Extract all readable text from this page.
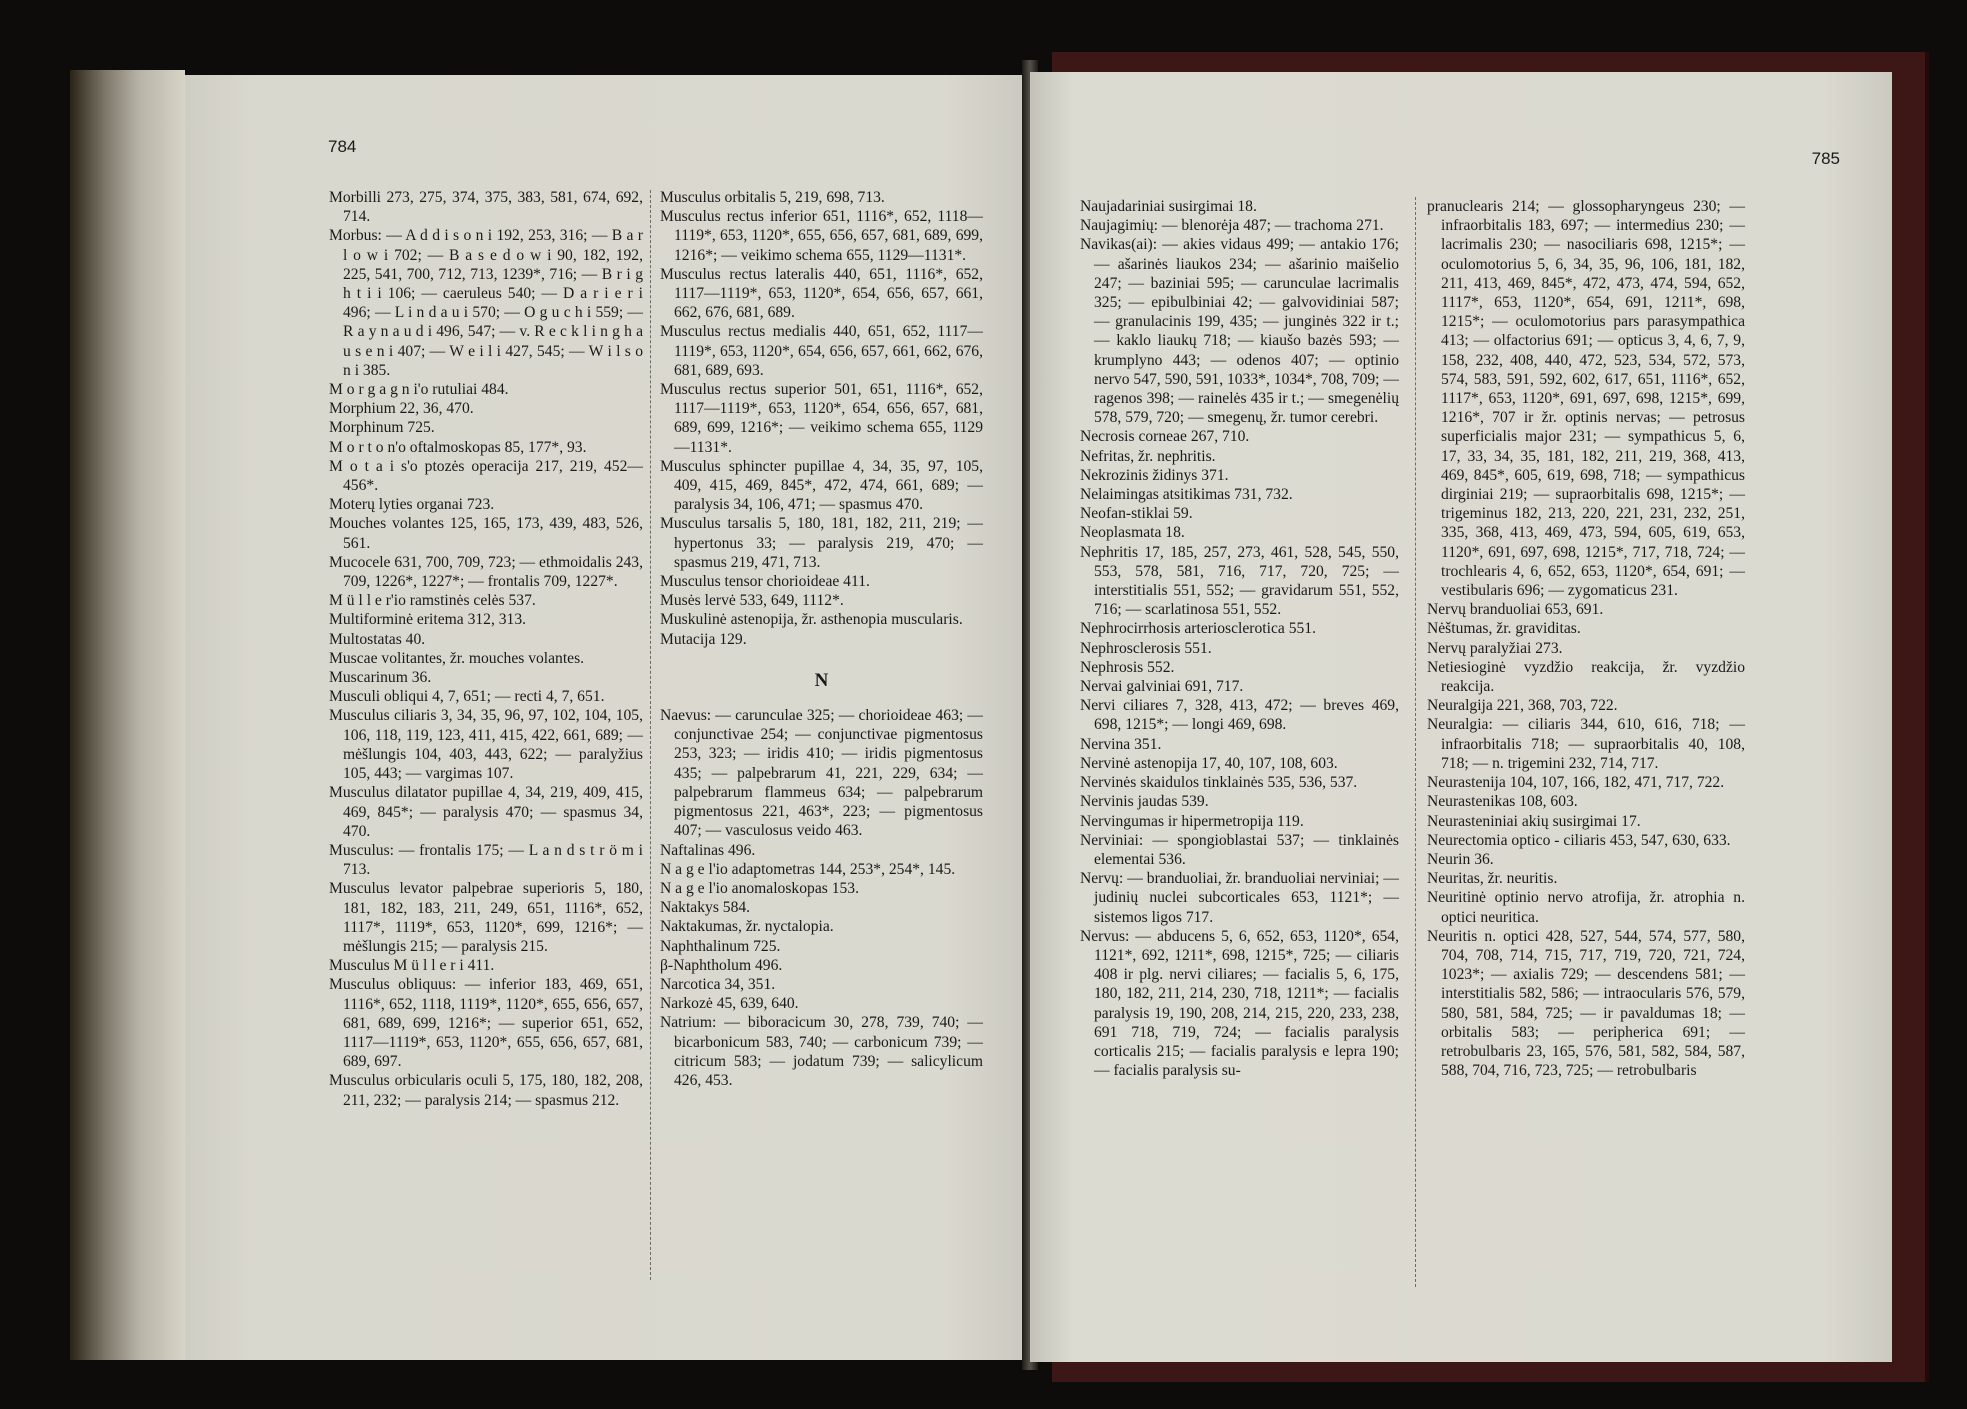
784

Morbilli 273, 275, 374, 375, 383, 581, 674, 692, 714.

Morbus: — A d d i s o n i 192, 253, 316; — B a r l o w i 702; — B a s e d o w i 90, 182, 192, 225, 541, 700, 712, 713, 1239*, 716; — B r i g h t i i 106; — caeruleus 540; — D a r i e r i 496; — L i n d a u i 570; — O g u c h i 559; — R a y n a u d i 496, 547; — v. R e c k l i n g h a u s e n i 407; — W e i l i 427, 545; — W i l s o n i 385.

M o r g a g n i'o rutuliai 484.

Morphium 22, 36, 470.

Morphinum 725.

M o r t o n'o oftalmoskopas 85, 177*, 93.

M o t a i s'o ptozės operacija 217, 219, 452—456*.

Moterų lyties organai 723.

Mouches volantes 125, 165, 173, 439, 483, 526, 561.

Mucocele 631, 700, 709, 723; — ethmoidalis 243, 709, 1226*, 1227*; — frontalis 709, 1227*.

M ü l l e r'io ramstinės celės 537.

Multiforminė eritema 312, 313.

Multostatas 40.

Muscae volitantes, žr. mouches volantes.

Muscarinum 36.

Musculi obliqui 4, 7, 651; — recti 4, 7, 651.

Musculus ciliaris 3, 34, 35, 96, 97, 102, 104, 105, 106, 118, 119, 123, 411, 415, 422, 661, 689; — mėšlungis 104, 403, 443, 622; — paralyžius 105, 443; — vargimas 107.

Musculus dilatator pupillae 4, 34, 219, 409, 415, 469, 845*; — paralysis 470; — spasmus 34, 470.

Musculus: — frontalis 175; — L a n d s t r ö m i 713.

Musculus levator palpebrae superioris 5, 180, 181, 182, 183, 211, 249, 651, 1116*, 652, 1117*, 1119*, 653, 1120*, 699, 1216*; — mėšlungis 215; — paralysis 215.

Musculus M ü l l e r i 411.

Musculus obliquus: — inferior 183, 469, 651, 1116*, 652, 1118, 1119*, 1120*, 655, 656, 657, 681, 689, 699, 1216*; — superior 651, 652, 1117—1119*, 653, 1120*, 655, 656, 657, 681, 689, 697.

Musculus orbicularis oculi 5, 175, 180, 182, 208, 211, 232; — paralysis 214; — spasmus 212.

Musculus orbitalis 5, 219, 698, 713.

Musculus rectus inferior 651, 1116*, 652, 1118—1119*, 653, 1120*, 655, 656, 657, 681, 689, 699, 1216*; — veikimo schema 655, 1129—1131*.

Musculus rectus lateralis 440, 651, 1116*, 652, 1117—1119*, 653, 1120*, 654, 656, 657, 661, 662, 676, 681, 689.

Musculus rectus medialis 440, 651, 652, 1117—1119*, 653, 1120*, 654, 656, 657, 661, 662, 676, 681, 689, 693.

Musculus rectus superior 501, 651, 1116*, 652, 1117—1119*, 653, 1120*, 654, 656, 657, 681, 689, 699, 1216*; — veikimo schema 655, 1129—1131*.

Musculus sphincter pupillae 4, 34, 35, 97, 105, 409, 415, 469, 845*, 472, 474, 661, 689; — paralysis 34, 106, 471; — spasmus 470.

Musculus tarsalis 5, 180, 181, 182, 211, 219; — hypertonus 33; — paralysis 219, 470; — spasmus 219, 471, 713.

Musculus tensor chorioideae 411.

Musės lervė 533, 649, 1112*.

Muskulinė astenopija, žr. asthenopia muscularis.

Mutacija 129.

N

Naevus: — carunculae 325; — chorioideae 463; — conjunctivae 254; — conjunctivae pigmentosus 253, 323; — iridis 410; — iridis pigmentosus 435; — palpebrarum 41, 221, 229, 634; — palpebrarum flammeus 634; — palpebrarum pigmentosus 221, 463*, 223; — pigmentosus 407; — vasculosus veido 463.

Naftalinas 496.

N a g e l'io adaptometras 144, 253*, 254*, 145.

N a g e l'io anomaloskopas 153.

Naktakys 584.

Naktakumas, žr. nyctalopia.

Naphthalinum 725.

β-Naphtholum 496.

Narcotica 34, 351.

Narkozė 45, 639, 640.

Natrium: — biboracicum 30, 278, 739, 740; — bicarbonicum 583, 740; — carbonicum 739; — citricum 583; — jodatum 739; — salicylicum 426, 453.

785

Naujadariniai susirgimai 18.

Naujagimių: — blenorėja 487; — trachoma 271.

Navikas(ai): — akies vidaus 499; — antakio 176; — ašarinės liaukos 234; — ašarinio maišelio 247; — baziniai 595; — carunculae lacrimalis 325; — epibulbiniai 42; — galvovidiniai 587; — granulacinis 199, 435; — junginės 322 ir t.; — kaklo liaukų 718; — kiaušo bazės 593; — krumplyno 443; — odenos 407; — optinio nervo 547, 590, 591, 1033*, 1034*, 708, 709; — ragenos 398; — rainelės 435 ir t.; — smegenėlių 578, 579, 720; — smegenų, žr. tumor cerebri.

Necrosis corneae 267, 710.

Nefritas, žr. nephritis.

Nekrozinis židinys 371.

Nelaimingas atsitikimas 731, 732.

Neofan-stiklai 59.

Neoplasmata 18.

Nephritis 17, 185, 257, 273, 461, 528, 545, 550, 553, 578, 581, 716, 717, 720, 725; — interstitialis 551, 552; — gravidarum 551, 552, 716; — scarlatinosa 551, 552.

Nephrocirrhosis arteriosclerotica 551.

Nephrosclerosis 551.

Nephrosis 552.

Nervai galviniai 691, 717.

Nervi ciliares 7, 328, 413, 472; — breves 469, 698, 1215*; — longi 469, 698.

Nervina 351.

Nervinė astenopija 17, 40, 107, 108, 603.

Nervinės skaidulos tinklainės 535, 536, 537.

Nervinis jaudas 539.

Nervingumas ir hipermetropija 119.

Nerviniai: — spongioblastai 537; — tinklainės elementai 536.

Nervų: — branduoliai, žr. branduoliai nerviniai; — judinių nuclei subcorticales 653, 1121*; — sistemos ligos 717.

Nervus: — abducens 5, 6, 652, 653, 1120*, 654, 1121*, 692, 1211*, 698, 1215*, 725; — ciliaris 408 ir plg. nervi ciliares; — facialis 5, 6, 175, 180, 182, 211, 214, 230, 718, 1211*; — facialis paralysis 19, 190, 208, 214, 215, 220, 233, 238, 691 718, 719, 724; — facialis paralysis corticalis 215; — facialis paralysis e lepra 190; — facialis paralysis su-

pranuclearis 214; — glossopharyngeus 230; — infraorbitalis 183, 697; — intermedius 230; — lacrimalis 230; — nasociliaris 698, 1215*; — oculomotorius 5, 6, 34, 35, 96, 106, 181, 182, 211, 413, 469, 845*, 472, 473, 474, 594, 652, 1117*, 653, 1120*, 654, 691, 1211*, 698, 1215*; — oculomotorius pars parasympathica 413; — olfactorius 691; — opticus 3, 4, 6, 7, 9, 158, 232, 408, 440, 472, 523, 534, 572, 573, 574, 583, 591, 592, 602, 617, 651, 1116*, 652, 1117*, 653, 1120*, 691, 697, 698, 1215*, 699, 1216*, 707 ir žr. optinis nervas; — petrosus superficialis major 231; — sympathicus 5, 6, 17, 33, 34, 35, 181, 182, 211, 219, 368, 413, 469, 845*, 605, 619, 698, 718; — sympathicus dirginiai 219; — supraorbitalis 698, 1215*; — trigeminus 182, 213, 220, 221, 231, 232, 251, 335, 368, 413, 469, 473, 594, 605, 619, 653, 1120*, 691, 697, 698, 1215*, 717, 718, 724; — trochlearis 4, 6, 652, 653, 1120*, 654, 691; — vestibularis 696; — zygomaticus 231.

Nervų branduoliai 653, 691.

Nėštumas, žr. graviditas.

Nervų paralyžiai 273.

Netiesioginė vyzdžio reakcija, žr. vyzdžio reakcija.

Neuralgija 221, 368, 703, 722.

Neuralgia: — ciliaris 344, 610, 616, 718; — infraorbitalis 718; — supraorbitalis 40, 108, 718; — n. trigemini 232, 714, 717.

Neurastenija 104, 107, 166, 182, 471, 717, 722.

Neurastenikas 108, 603.

Neurasteniniai akių susirgimai 17.

Neurectomia optico - ciliaris 453, 547, 630, 633.

Neurin 36.

Neuritas, žr. neuritis.

Neuritinė optinio nervo atrofija, žr. atrophia n. optici neuritica.

Neuritis n. optici 428, 527, 544, 574, 577, 580, 704, 708, 714, 715, 717, 719, 720, 721, 724, 1023*; — axialis 729; — descendens 581; — interstitialis 582, 586; — intraocularis 576, 579, 580, 581, 584, 725; — ir pavaldumas 18; — orbitalis 583; — peripherica 691; — retrobulbaris 23, 165, 576, 581, 582, 584, 587, 588, 704, 716, 723, 725; — retrobulbaris
